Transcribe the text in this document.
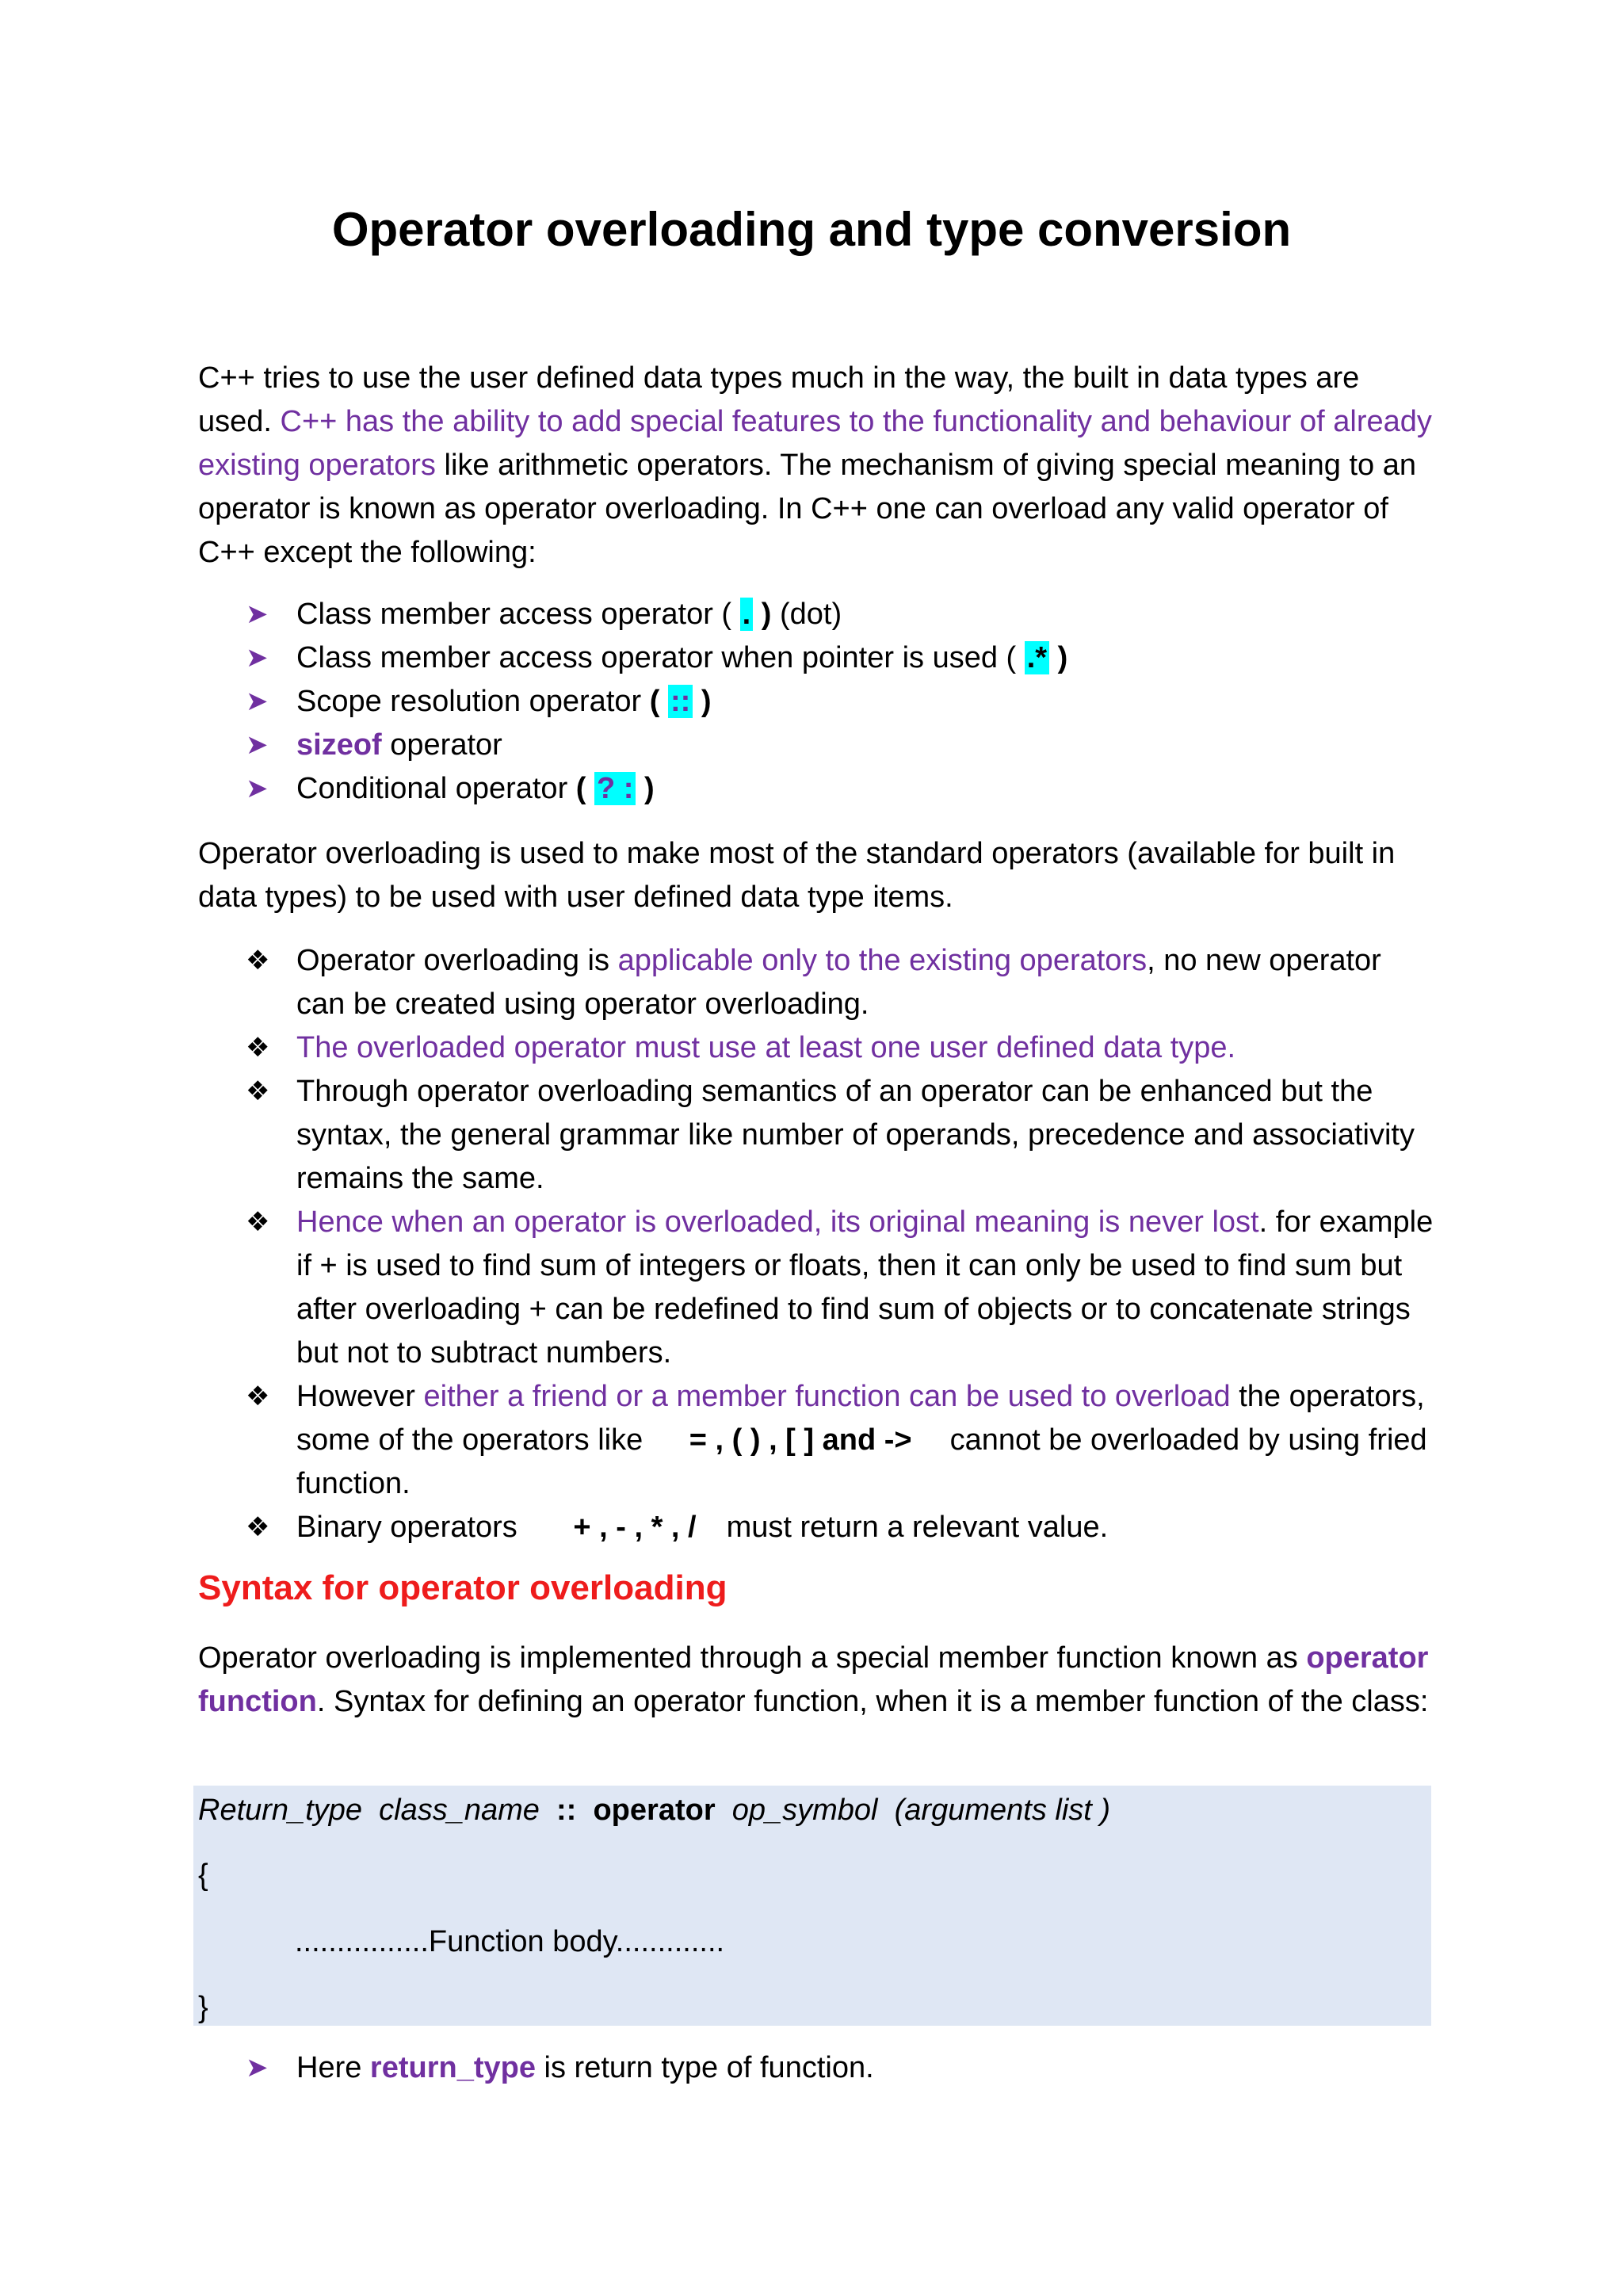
Operator overloading and type conversion
C++ tries to use the user defined data types much in the way, the built in data types are used. C++ has the ability to add special features to the functionality and behaviour of already existing operators like arithmetic operators. The mechanism of giving special meaning to an operator is known as operator overloading. In C++ one can overload any valid operator of C++ except the following:
➤ Class member access operator ( . ) (dot)
➤ Class member access operator when pointer is used ( .* )
➤ Scope resolution operator ( :: )
➤ sizeof operator
➤ Conditional operator ( ? : )
Operator overloading is used to make most of the standard operators (available for built in data types) to be used with user defined data type items.
❖ Operator overloading is applicable only to the existing operators, no new operator can be created using operator overloading.
❖ The overloaded operator must use at least one user defined data type.
❖ Through operator overloading semantics of an operator can be enhanced but the syntax, the general grammar like number of operands, precedence and associativity remains the same.
❖ Hence when an operator is overloaded, its original meaning is never lost. for example if + is used to find sum of integers or floats, then it can only be used to find sum but after overloading + can be redefined to find sum of objects or to concatenate strings but not to subtract numbers.
❖ However either a friend or a member function can be used to overload the operators, some of the operators like = , ( ) , [ ] and -> cannot be overloaded by using fried function.
❖ Binary operators + , - , * , / must return a relevant value.
Syntax for operator overloading
Operator overloading is implemented through a special member function known as operator function. Syntax for defining an operator function, when it is a member function of the class:
Return_type class_name :: operator op_symbol (arguments list )
{
................Function body.............
}
➤ Here return_type is return type of function.
